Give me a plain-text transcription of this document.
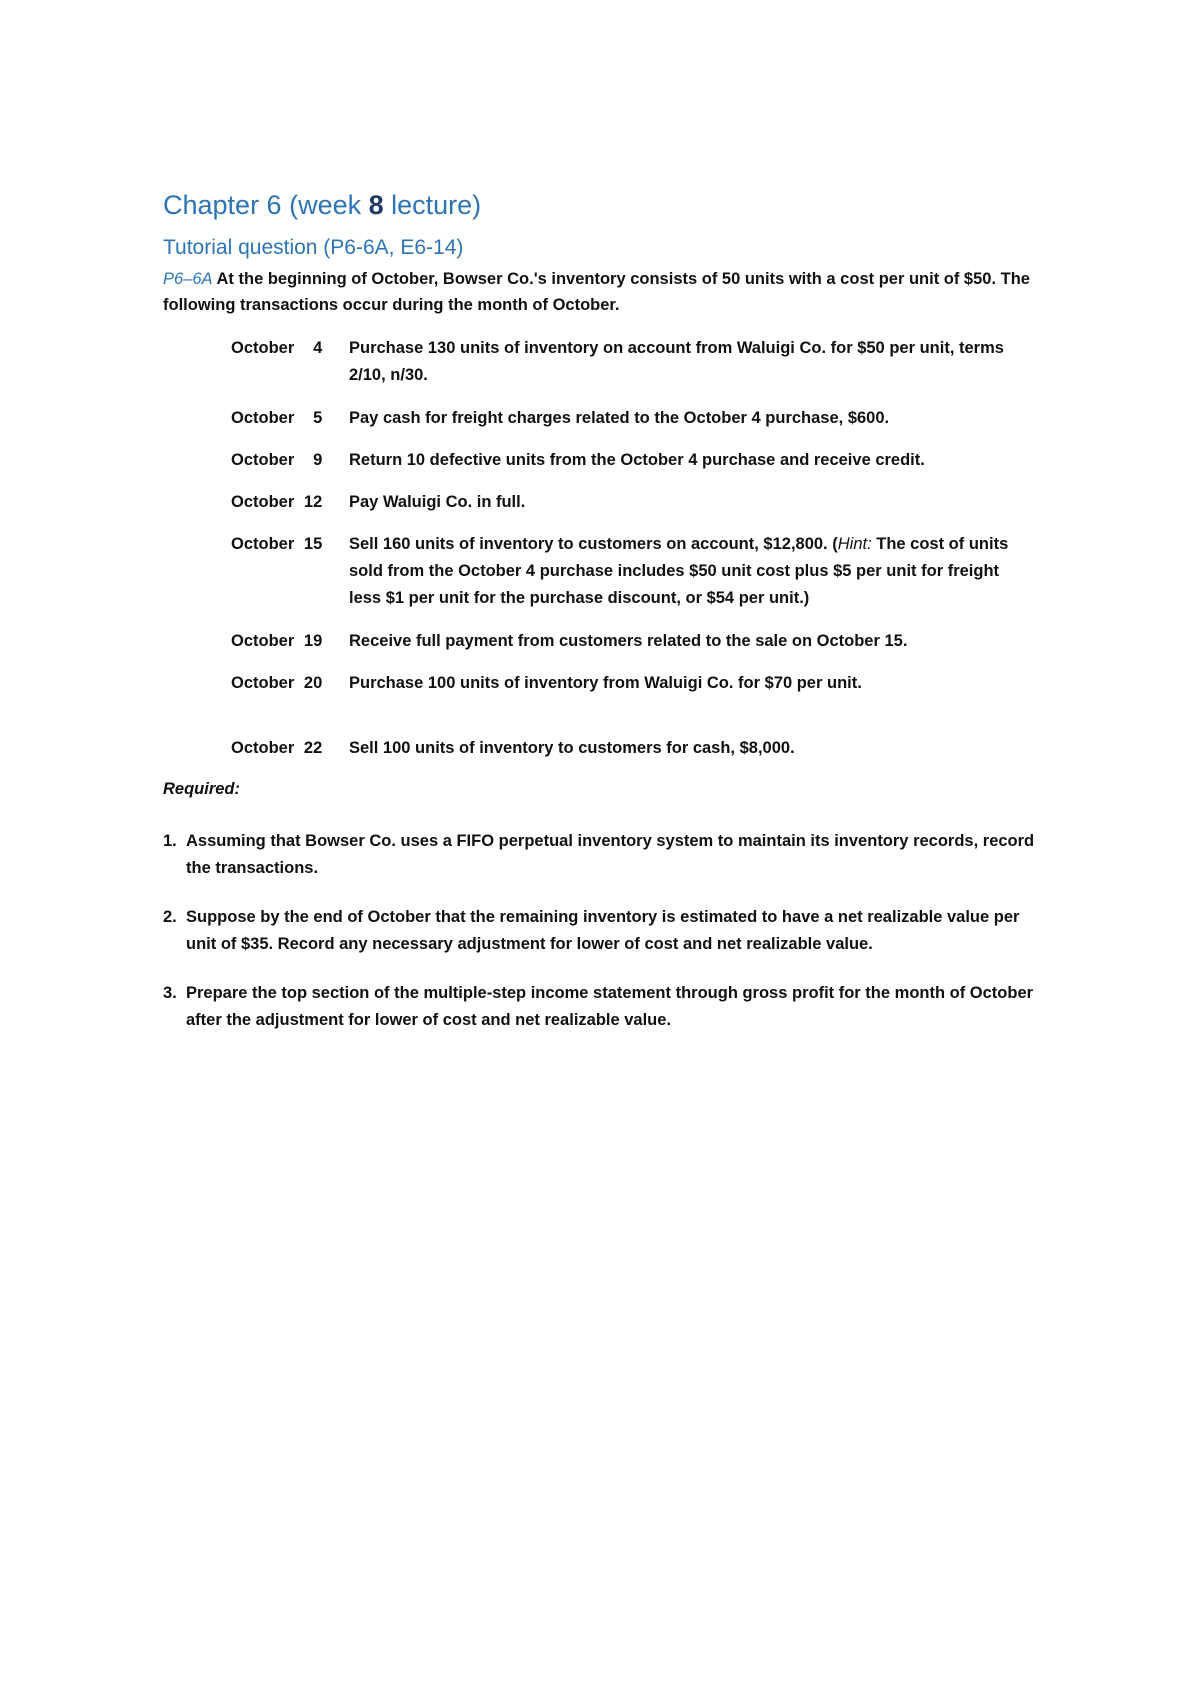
Chapter 6 (week 8 lecture)
Tutorial question (P6-6A, E6-14)
P6–6A At the beginning of October, Bowser Co.'s inventory consists of 50 units with a cost per unit of $50. The following transactions occur during the month of October.
October 4	Purchase 130 units of inventory on account from Waluigi Co. for $50 per unit, terms 2/10, n/30.
October 5	Pay cash for freight charges related to the October 4 purchase, $600.
October 9	Return 10 defective units from the October 4 purchase and receive credit.
October 12	Pay Waluigi Co. in full.
October 15	Sell 160 units of inventory to customers on account, $12,800. (Hint: The cost of units sold from the October 4 purchase includes $50 unit cost plus $5 per unit for freight less $1 per unit for the purchase discount, or $54 per unit.)
October 19	Receive full payment from customers related to the sale on October 15.
October 20	Purchase 100 units of inventory from Waluigi Co. for $70 per unit.
October 22	Sell 100 units of inventory to customers for cash, $8,000.
Required:
1. Assuming that Bowser Co. uses a FIFO perpetual inventory system to maintain its inventory records, record the transactions.
2. Suppose by the end of October that the remaining inventory is estimated to have a net realizable value per unit of $35. Record any necessary adjustment for lower of cost and net realizable value.
3. Prepare the top section of the multiple-step income statement through gross profit for the month of October after the adjustment for lower of cost and net realizable value.
